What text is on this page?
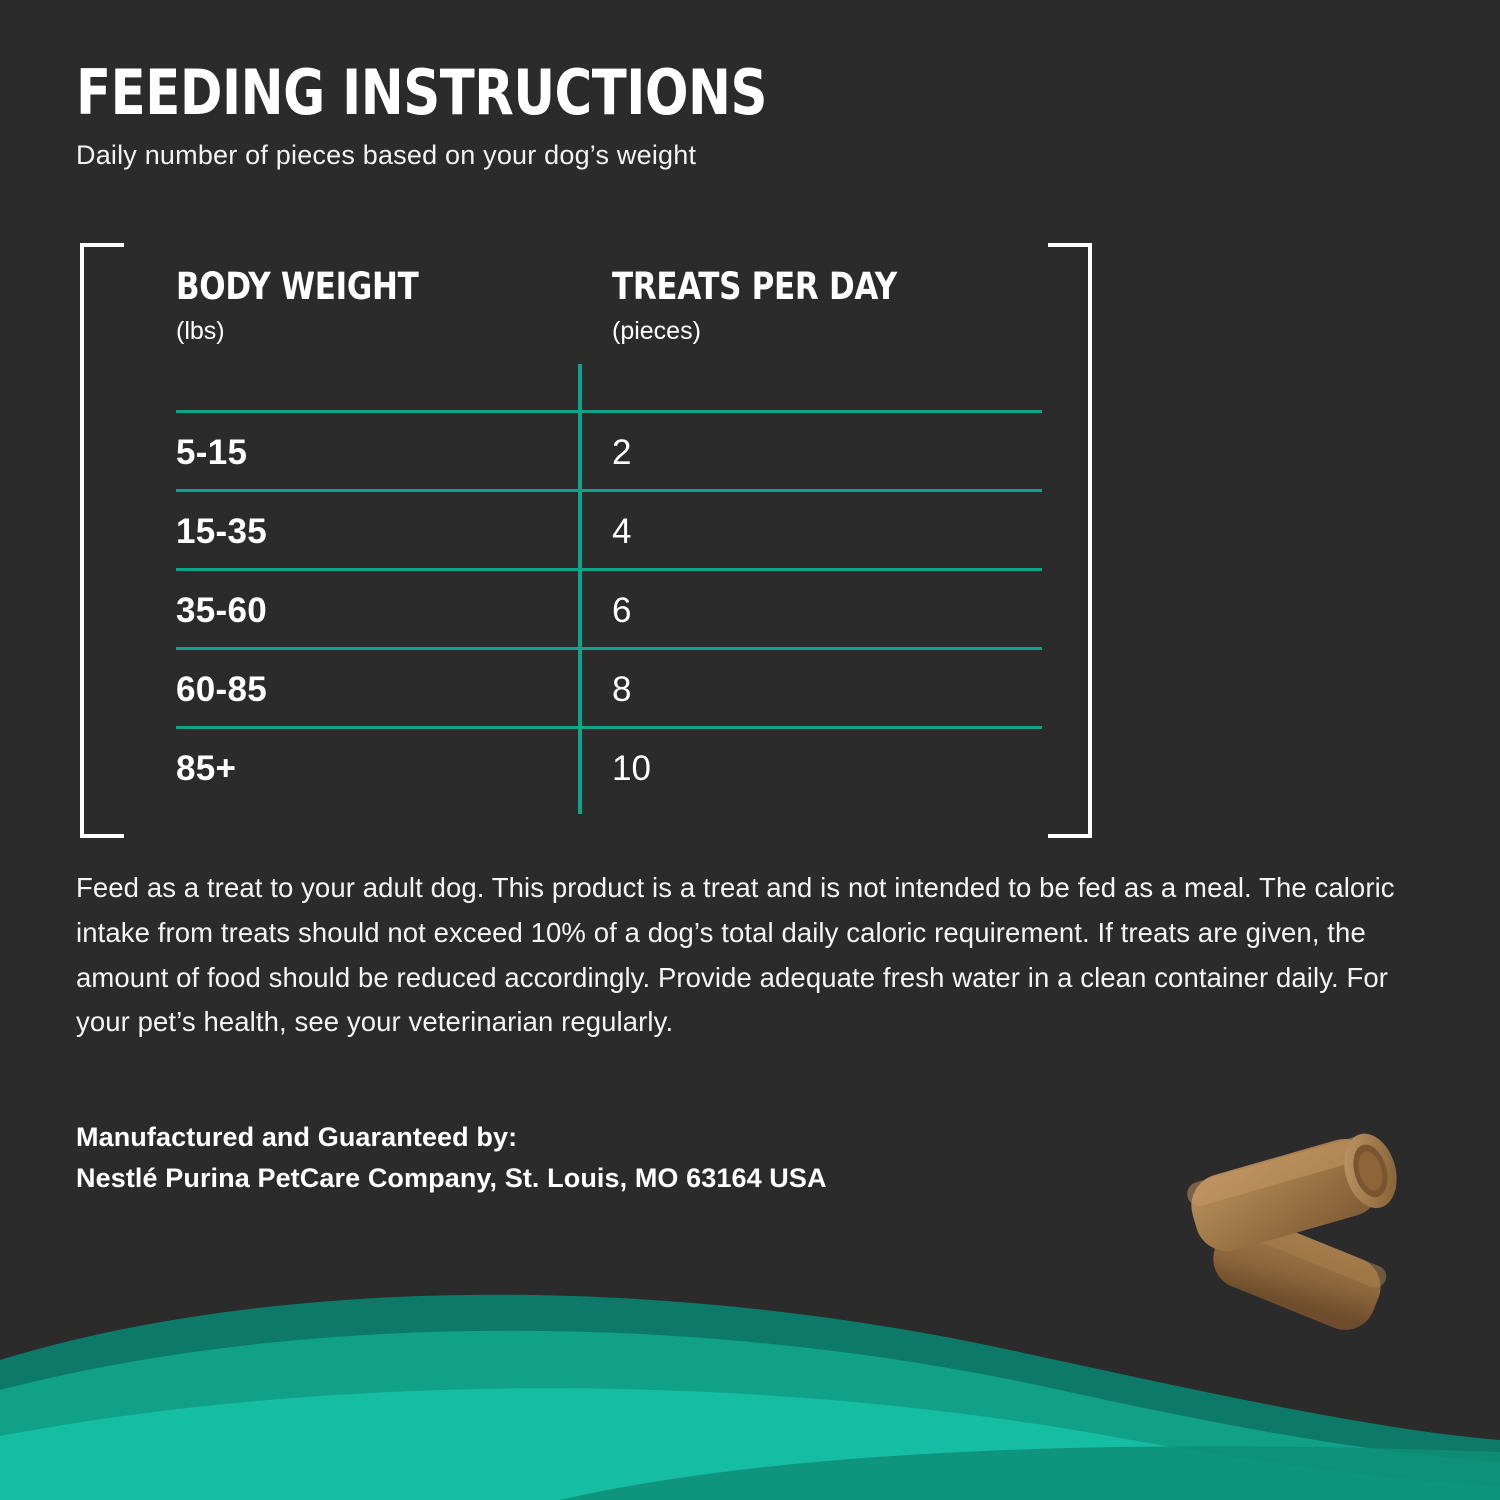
FEEDING INSTRUCTIONS
Daily number of pieces based on your dog’s weight
BODY WEIGHT
(lbs)
TREATS PER DAY
(pieces)
5-15	2
15-35	4
35-60	6
60-85	8
85+	10
Feed as a treat to your adult dog. This product is a treat and is not intended to be fed as a meal. The caloric intake from treats should not exceed 10% of a dog’s total daily caloric requirement. If treats are given, the amount of food should be reduced accordingly. Provide adequate fresh water in a clean container daily. For your pet’s health, see your veterinarian regularly.
Manufactured and Guaranteed by:
Nestlé Purina PetCare Company, St. Louis, MO 63164 USA
